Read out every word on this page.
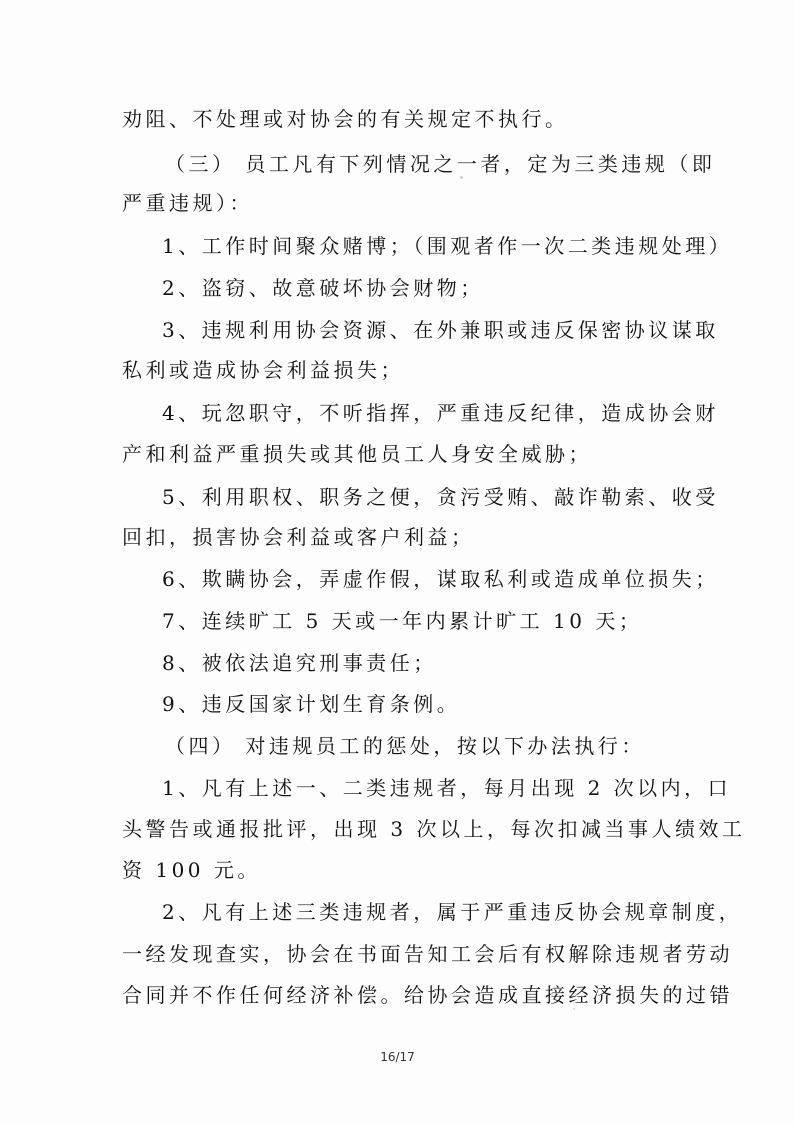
劝阻、不处理或对协会的有关规定不执行。
（三） 员工凡有下列情况之一者，定为三类违规（即
严重违规）：
1、工作时间聚众赌博；（围观者作一次二类违规处理）
2、盗窃、故意破坏协会财物；
3、违规利用协会资源、在外兼职或违反保密协议谋取
私利或造成协会利益损失；
4、玩忽职守，不听指挥，严重违反纪律，造成协会财
产和利益严重损失或其他员工人身安全威胁；
5、利用职权、职务之便，贪污受贿、敲诈勒索、收受
回扣，损害协会利益或客户利益；
6、欺瞒协会，弄虚作假，谋取私利或造成单位损失；
7、连续旷工 5 天或一年内累计旷工 10 天；
8、被依法追究刑事责任；
9、违反国家计划生育条例。
（四） 对违规员工的惩处，按以下办法执行：
1、凡有上述一、二类违规者，每月出现 2 次以内，口
头警告或通报批评，出现 3 次以上，每次扣减当事人绩效工
资 100 元。
2、凡有上述三类违规者，属于严重违反协会规章制度，
一经发现查实，协会在书面告知工会后有权解除违规者劳动
合同并不作任何经济补偿。给协会造成直接经济损失的过错
16/17
